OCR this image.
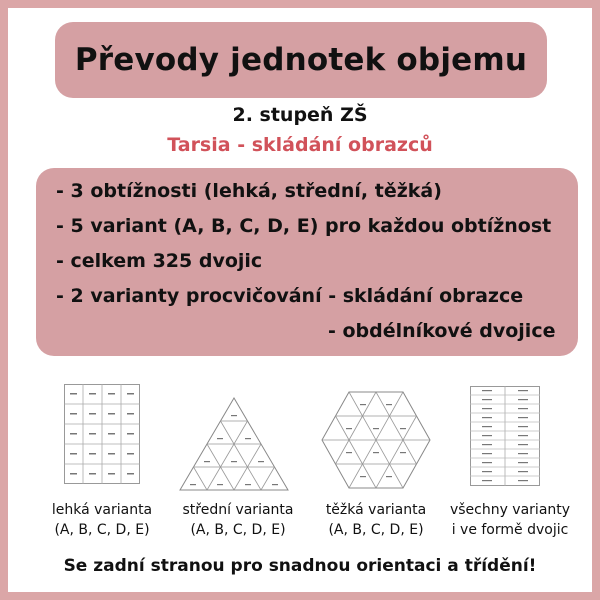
Převody jednotek objemu
2. stupeň ZŠ
Tarsia - skládání obrazců
- 3 obtížnosti (lehká, střední, těžká)
- 5 variant (A, B, C, D, E) pro každou obtížnost
- celkem 325 dvojic
- 2 varianty procvičování - skládání obrazce
- obdélníkové dvojice
lehká varianta
(A, B, C, D, E)
střední varianta
(A, B, C, D, E)
těžká varianta
(A, B, C, D, E)
všechny varianty
i ve formě dvojic
Se zadní stranou pro snadnou orientaci a třídění!
